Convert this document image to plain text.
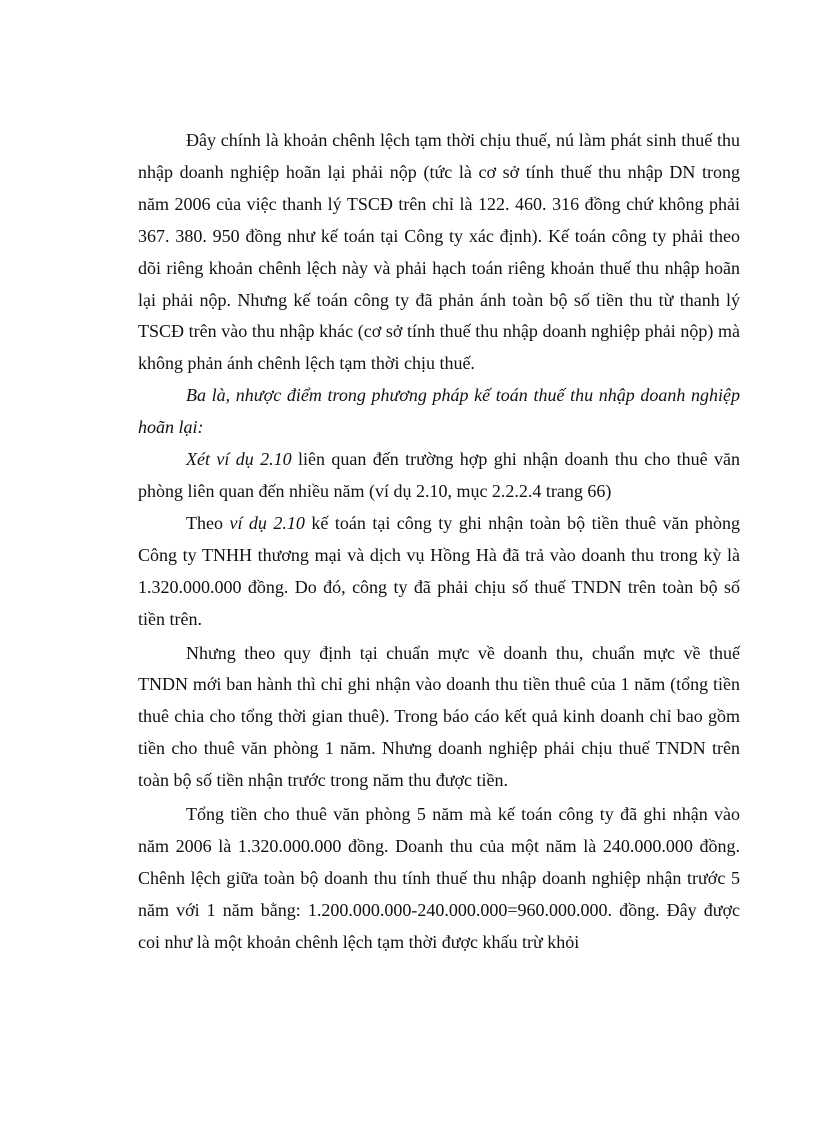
Đây chính là khoản chênh lệch tạm thời chịu thuế, nú làm phát sinh thuế thu nhập doanh nghiệp hoãn lại phải nộp (tức là cơ sở tính thuế thu nhập DN trong năm 2006 của việc thanh lý TSCĐ trên chỉ là 122. 460. 316 đồng chứ không phải 367. 380. 950 đồng như kế toán tại Công ty xác định). Kế toán công ty phải theo dõi riêng khoản chênh lệch này và phải hạch toán riêng khoản thuế thu nhập hoãn lại phải nộp. Nhưng kế toán công ty đã phản ánh toàn bộ số tiền thu từ thanh lý TSCĐ trên vào thu nhập khác (cơ sở tính thuế thu nhập doanh nghiệp phải nộp) mà không phản ánh chênh lệch tạm thời chịu thuế.

Ba là, nhược điểm trong phương pháp kế toán thuế thu nhập doanh nghiệp hoãn lại:

Xét ví dụ 2.10 liên quan đến trường hợp ghi nhận doanh thu cho thuê văn phòng liên quan đến nhiều năm (ví dụ 2.10, mục 2.2.2.4 trang 66)

Theo ví dụ 2.10 kế toán tại công ty ghi nhận toàn bộ tiền thuê văn phòng Công ty TNHH thương mại và dịch vụ Hồng Hà đã trả vào doanh thu trong kỳ là 1.320.000.000 đồng. Do đó, công ty đã phải chịu số thuế TNDN trên toàn bộ số tiền trên.

Nhưng theo quy định tại chuẩn mực về doanh thu, chuẩn mực về thuế TNDN mới ban hành thì chỉ ghi nhận vào doanh thu tiền thuê của 1 năm (tổng tiền thuê chia cho tổng thời gian thuê). Trong báo cáo kết quả kinh doanh chỉ bao gồm tiền cho thuê văn phòng 1 năm. Nhưng doanh nghiệp phải chịu thuế TNDN trên toàn bộ số tiền nhận trước trong năm thu được tiền.

Tổng tiền cho thuê văn phòng 5 năm mà kế toán công ty đã ghi nhận vào năm 2006 là 1.320.000.000 đồng. Doanh thu của một năm là 240.000.000 đồng. Chênh lệch giữa toàn bộ doanh thu tính thuế thu nhập doanh nghiệp nhận trước 5 năm với 1 năm bằng: 1.200.000.000-240.000.000=960.000.000. đồng. Đây được coi như là một khoản chênh lệch tạm thời được khấu trừ khỏi
